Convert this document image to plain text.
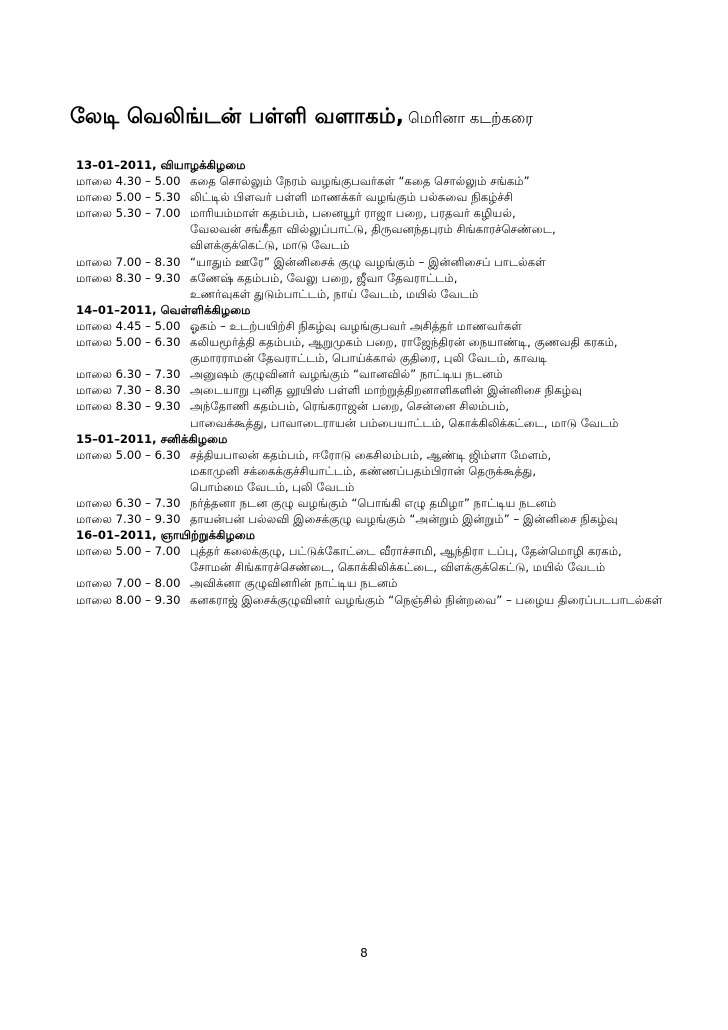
லேடி வெலிங்டன் பள்ளி வளாகம், மெரினா கடற்கரை
13–01–2011, வியாழக்கிழமை
மாலை 4.30 – 5.00 கதை சொல்லும் நேரம் வழங்குபவர்கள் “கதை சொல்லும் சங்கம்”
மாலை 5.00 – 5.30 லிட்டில் பிளவர் பள்ளி மாணக்கர் வழங்கும் பல்சுவை நிகழ்ச்சி
மாலை 5.30 – 7.00 மாரியம்மாள் கதம்பம், பனையூர் ராஜா பறை, பரதவர் கழியல்,
வேலவன் சங்கீதா வில்லுப்பாட்டு, திருவனந்தபுரம் சிங்காரச்செண்டை,
விளக்குக்கெட்டு, மாடு வேடம்
மாலை 7.00 – 8.30 “யாதும் ஊரே” இன்னிசைக் குழு வழங்கும் – இன்னிசைப் பாடல்கள்
மாலை 8.30 – 9.30 கணேஷ் கதம்பம், வேலு பறை, ஜீவா தேவராட்டம்,
உணர்வுகள் துடும்பாட்டம், நாய் வேடம், மயில் வேடம்
14–01–2011, வெள்ளிக்கிழமை
மாலை 4.45 – 5.00 ஓகம் – உடற்பயிற்சி நிகழ்வு வழங்குபவர் அசித்தர் மாணவர்கள்
மாலை 5.00 – 6.30 கலியமூர்த்தி கதம்பம், ஆறுமுகம் பறை, ராஜேந்திரன் நையாண்டி, குணவதி கரகம்,
குமாரராமன் தேவராட்டம், பொய்க்கால் குதிரை, புலி வேடம், காவடி
மாலை 6.30 – 7.30 அனுஷம் குழுவினர் வழங்கும் “வானவில்” நாட்டிய நடனம்
மாலை 7.30 – 8.30 அடையாறு புனித லூயிஸ் பள்ளி மாற்றுத்திறனாளிகளின் இன்னிசை நிகழ்வு
மாலை 8.30 – 9.30 அந்தோணி கதம்பம், ரெங்கராஜன் பறை, சென்னை சிலம்பம்,
பாவைக்கூத்து, பாவாடைராயன் பம்பையாட்டம், கொக்கிலிக்கட்டை, மாடு வேடம்
15–01–2011, சனிக்கிழமை
மாலை 5.00 – 6.30 சத்தியபாலன் கதம்பம், ஈரோடு கைசிலம்பம், ஆண்டி ஜிம்ளா மேளம்,
மகாமுனி சக்கைக்குச்சியாட்டம், கண்ணப்பதம்பிரான் தெருக்கூத்து,
பொம்மை வேடம், புலி வேடம்
மாலை 6.30 – 7.30 நர்த்தனா நடன குழு வழங்கும் “பொங்கி எழு தமிழா” நாட்டிய நடனம்
மாலை 7.30 – 9.30 தாயன்பன் பல்லவி இசைக்குழு வழங்கும் “அன்றும் இன்றும்” – இன்னிசை நிகழ்வு
16–01–2011, ஞாயிற்றுக்கிழமை
மாலை 5.00 – 7.00 புத்தர் கலைக்குழு, பட்டுக்கோட்டை வீராச்சாமி, ஆந்திரா டப்பு, தேன்மொழி கரகம்,
சோமன் சிங்காரச்செண்டை, கொக்கிலிக்கட்டை, விளக்குக்கெட்டு, மயில் வேடம்
மாலை 7.00 – 8.00 அவிக்னா குழுவினரின் நாட்டிய நடனம்
மாலை 8.00 – 9.30 கனகராஜ் இசைக்குழுவினர் வழங்கும் “நெஞ்சில் நின்றவை” – பழைய திரைப்படபாடல்கள்
8
